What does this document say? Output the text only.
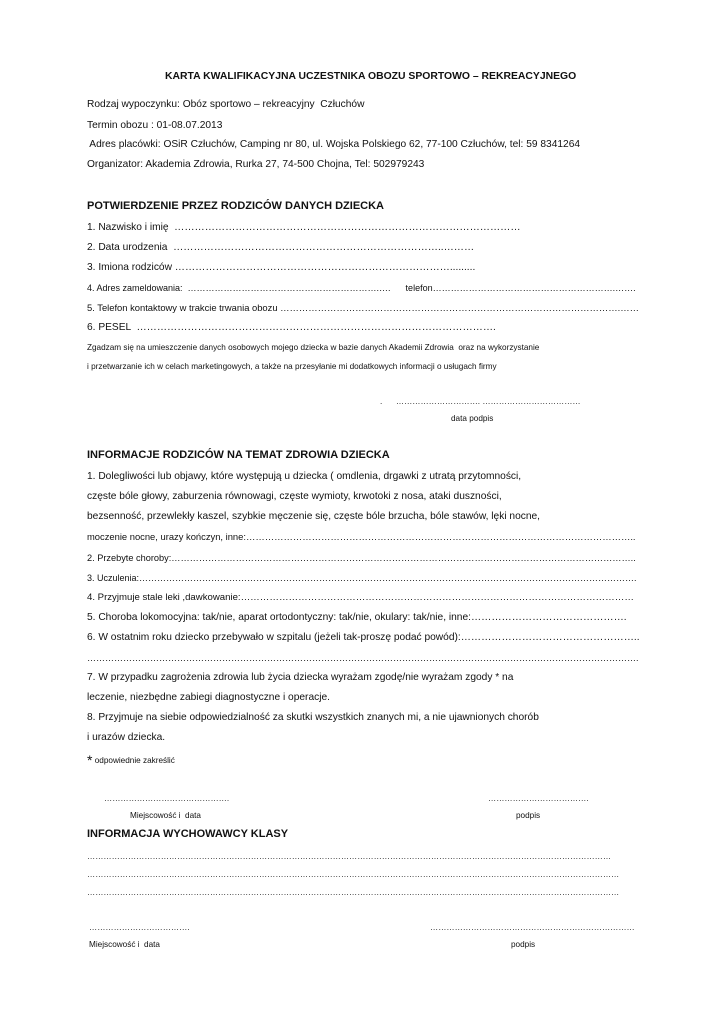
KARTA KWALIFIKACYJNA UCZESTNIKA OBOZU SPORTOWO – REKREACYJNEGO
Rodzaj wypoczynku: Obóz sportowo – rekreacyjny  Człuchów
Termin obozu : 01-08.07.2013
Adres placówki: OSiR Człuchów, Camping nr 80, ul. Wojska Polskiego 62, 77-100 Człuchów, tel: 59 8341264
Organizator: Akademia Zdrowia, Rurka 27, 74-500 Chojna, Tel: 502979243
POTWIERDZENIE PRZEZ RODZICÓW DANYCH DZIECKA
1. Nazwisko i imię  …………………………………………………………………………………………
2. Data urodzenia  ……………………………………………………………………..………
3. Imiona rodziców ……………………………………………………………………….........
4. Adres zameldowania:  ……………………………………………………….….      telefon…………………………………………………….…….
5. Telefon kontaktowy w trakcie trwania obozu ……………………………………………………………………………………………….……
6. PESEL  …………………………………………………………………………………………….
Zgadzam się na umieszczenie danych osobowych mojego dziecka w bazie danych Akademii Zdrowia  oraz na wykorzystanie
i przetwarzanie ich w celach marketingowych, a także na przesyłanie mi dodatkowych informacji o usługach firmy
.      …………………………. ………………………………
data podpis
INFORMACJE RODZICÓW NA TEMAT ZDROWIA DZIECKA
1. Dolegliwości lub objawy, które występują u dziecka ( omdlenia, drgawki z utratą przytomności,
częste bóle głowy, zaburzenia równowagi, częste wymioty, krwotoki z nosa, ataki duszności,
bezsenność, przewlekły kaszel, szybkie męczenie się, częste bóle brzucha, bóle stawów, lęki nocne,
moczenie nocne, urazy kończyn, inne:……………………………………………………………………………………………………………..
2. Przebyte choroby:……………………………………………………………………………………………………………………………………..
3. Uczulenia:………………………………………………………………………………………………………………………………………………….
4. Przyjmuje stale leki ,dawkowanie:……………………………………………………………………………………………………………
5. Choroba lokomocyjna: tak/nie, aparat ortodontyczny: tak/nie, okulary: tak/nie, inne:……………………………………….
6. W ostatnim roku dziecko przebywało w szpitalu (jeżeli tak-proszę podać powód):……………………………………………..
………………………………………………………………………………………………………………………………………………………………….
7. W przypadku zagrożenia zdrowia lub życia dziecka wyrażam zgodę/nie wyrażam zgody * na
leczenie, niezbędne zabiegi diagnostyczne i operacje.
8. Przyjmuje na siebie odpowiedzialność za skutki wszystkich znanych mi, a nie ujawnionych chorób
i urazów dziecka.
* odpowiednie zakreślić
……………………………………….	……………………………….
Miejscowość i  data	podpis
INFORMACJA WYCHOWAWCY KLASY
…………………………………………………………………………………………………………………………………………………………………………
……………………………………………………………………………………………………………………………………………………………………………
……………………………………………………………………………………………………………………………………………………………………………
……………………………….	…………………………………………………………………
Miejscowość i  data	podpis
